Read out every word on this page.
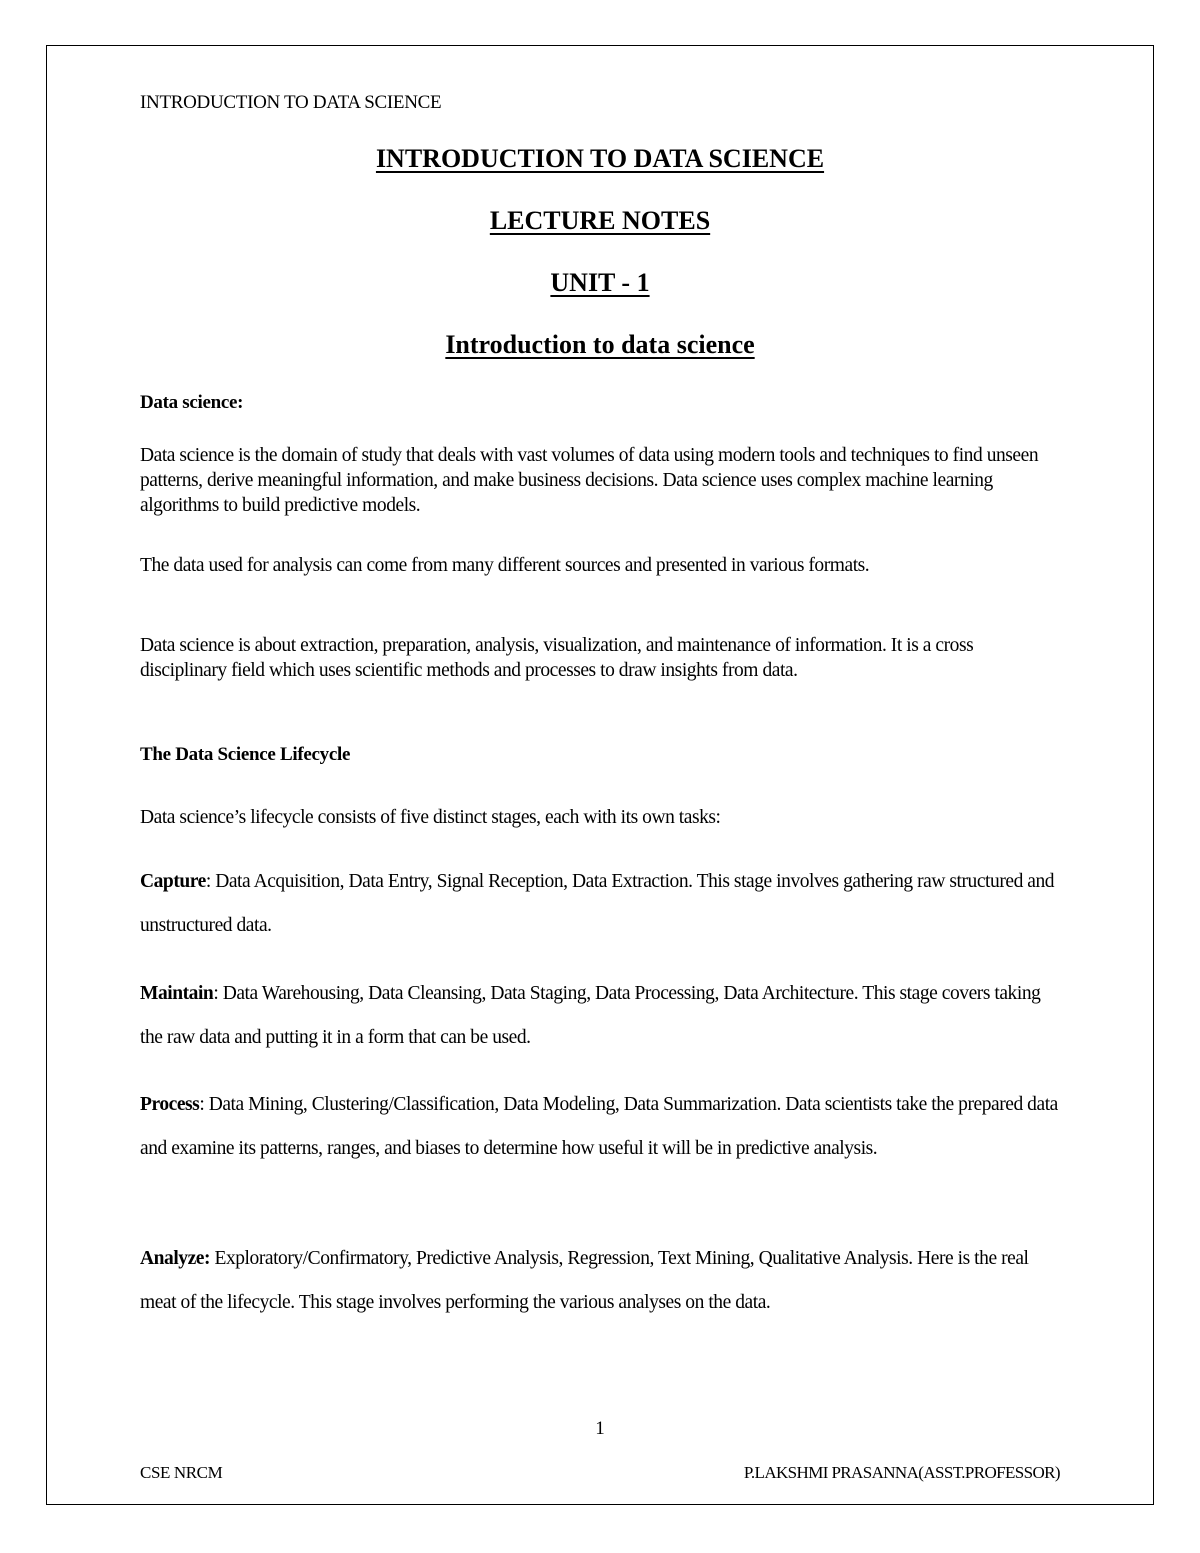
INTRODUCTION TO DATA SCIENCE
INTRODUCTION TO DATA SCIENCE
LECTURE NOTES
UNIT - 1
Introduction to data science
Data science:
Data science is the domain of study that deals with vast volumes of data using modern tools and techniques to find unseen patterns, derive meaningful information, and make business decisions. Data science uses complex machine learning algorithms to build predictive models.
The data used for analysis can come from many different sources and presented in various formats.
Data science is about extraction, preparation, analysis, visualization, and maintenance of information. It is a cross disciplinary field which uses scientific methods and processes to draw insights from data.
The Data Science Lifecycle
Data science’s lifecycle consists of five distinct stages, each with its own tasks:
Capture: Data Acquisition, Data Entry, Signal Reception, Data Extraction. This stage involves gathering raw structured and unstructured data.
Maintain: Data Warehousing, Data Cleansing, Data Staging, Data Processing, Data Architecture. This stage covers taking the raw data and putting it in a form that can be used.
Process: Data Mining, Clustering/Classification, Data Modeling, Data Summarization. Data scientists take the prepared data and examine its patterns, ranges, and biases to determine how useful it will be in predictive analysis.
Analyze: Exploratory/Confirmatory, Predictive Analysis, Regression, Text Mining, Qualitative Analysis. Here is the real meat of the lifecycle. This stage involves performing the various analyses on the data.
1
CSE NRCM	P.LAKSHMI PRASANNA(ASST.PROFESSOR)
